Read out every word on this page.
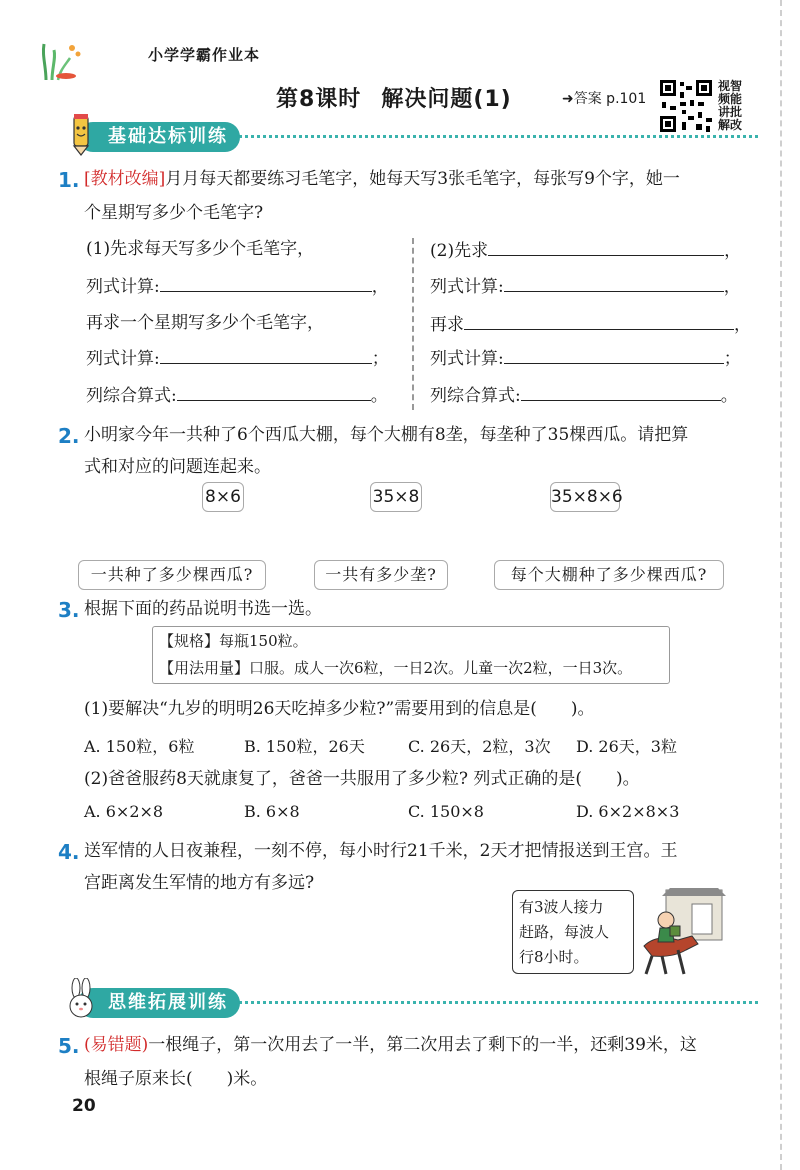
小学学霸作业本
第8课时 解决问题(1)	➜答案 p.101
视智频能讲批解改
基础达标训练
1. [教材改编]月月每天都要练习毛笔字，她每天写3张毛笔字，每张写9个字，她一
个星期写多少个毛笔字?
(1)先求每天写多少个毛笔字，
列式计算:	，
再求一个星期写多少个毛笔字，
列式计算:	；
列综合算式:	。
(2)先求	，
列式计算:	，
再求	，
列式计算:	；
列综合算式:	。
2. 小明家今年一共种了6个西瓜大棚，每个大棚有8垄，每垄种了35棵西瓜。请把算
式和对应的问题连起来。
8×6	35×8	35×8×6
一共种了多少棵西瓜?	一共有多少垄?	每个大棚种了多少棵西瓜?
3. 根据下面的药品说明书选一选。
【规格】每瓶150粒。
【用法用量】口服。成人一次6粒，一日2次。儿童一次2粒，一日3次。
(1)要解决“九岁的明明26天吃掉多少粒?”需要用到的信息是(　　)。
A. 150粒，6粒	B. 150粒，26天	C. 26天，2粒，3次 D. 26天，3粒
(2)爸爸服药8天就康复了，爸爸一共服用了多少粒? 列式正确的是(　　)。
A. 6×2×8	B. 6×8	C. 150×8	D. 6×2×8×3
4. 送军情的人日夜兼程，一刻不停，每小时行21千米，2天才把情报送到王宫。王
宫距离发生军情的地方有多远?
有3波人接力
赶路，每波人
行8小时。
思维拓展训练
5. (易错题)一根绳子，第一次用去了一半，第二次用去了剩下的一半，还剩39米，这
根绳子原来长(　　)米。
20
